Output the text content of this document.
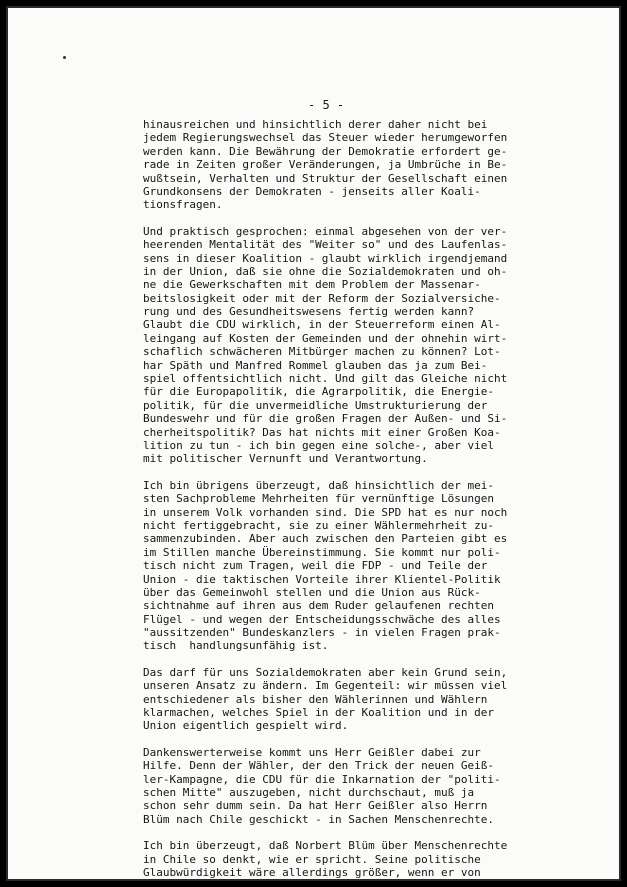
- 5 -
hinausreichen und hinsichtlich derer daher nicht bei
jedem Regierungswechsel das Steuer wieder herumgeworfen
werden kann. Die Bewährung der Demokratie erfordert ge-
rade in Zeiten großer Veränderungen, ja Umbrüche in Be-
wußtsein, Verhalten und Struktur der Gesellschaft einen
Grundkonsens der Demokraten - jenseits aller Koali-
tionsfragen.
Und praktisch gesprochen: einmal abgesehen von der ver-
heerenden Mentalität des "Weiter so" und des Laufenlas-
sens in dieser Koalition - glaubt wirklich irgendjemand
in der Union, daß sie ohne die Sozialdemokraten und oh-
ne die Gewerkschaften mit dem Problem der Massenar-
beitslosigkeit oder mit der Reform der Sozialversiche-
rung und des Gesundheitswesens fertig werden kann?
Glaubt die CDU wirklich, in der Steuerreform einen Al-
leingang auf Kosten der Gemeinden und der ohnehin wirt-
schaflich schwächeren Mitbürger machen zu können? Lot-
har Späth und Manfred Rommel glauben das ja zum Bei-
spiel offentsichtlich nicht. Und gilt das Gleiche nicht
für die Europapolitik, die Agrarpolitik, die Energie-
politik, für die unvermeidliche Umstrukturierung der
Bundeswehr und für die großen Fragen der Außen- und Si-
cherheitspolitik? Das hat nichts mit einer Großen Koa-
lition zu tun - ich bin gegen eine solche-, aber viel
mit politischer Vernunft und Verantwortung.
Ich bin übrigens überzeugt, daß hinsichtlich der mei-
sten Sachprobleme Mehrheiten für vernünftige Lösungen
in unserem Volk vorhanden sind. Die SPD hat es nur noch
nicht fertiggebracht, sie zu einer Wählermehrheit zu-
sammenzubinden. Aber auch zwischen den Parteien gibt es
im Stillen manche Übereinstimmung. Sie kommt nur poli-
tisch nicht zum Tragen, weil die FDP - und Teile der
Union - die taktischen Vorteile ihrer Klientel-Politik
über das Gemeinwohl stellen und die Union aus Rück-
sichtnahme auf ihren aus dem Ruder gelaufenen rechten
Flügel - und wegen der Entscheidungsschwäche des alles
"aussitzenden" Bundeskanzlers - in vielen Fragen prak-
tisch  handlungsunfähig ist.
Das darf für uns Sozialdemokraten aber kein Grund sein,
unseren Ansatz zu ändern. Im Gegenteil: wir müssen viel
entschiedener als bisher den Wählerinnen und Wählern
klarmachen, welches Spiel in der Koalition und in der
Union eigentlich gespielt wird.
Dankenswerterweise kommt uns Herr Geißler dabei zur
Hilfe. Denn der Wähler, der den Trick der neuen Geiß-
ler-Kampagne, die CDU für die Inkarnation der "politi-
schen Mitte" auszugeben, nicht durchschaut, muß ja
schon sehr dumm sein. Da hat Herr Geißler also Herrn
Blüm nach Chile geschickt - in Sachen Menschenrechte.
Ich bin überzeugt, daß Norbert Blüm über Menschenrechte
in Chile so denkt, wie er spricht. Seine politische
Glaubwürdigkeit wäre allerdings größer, wenn er von
